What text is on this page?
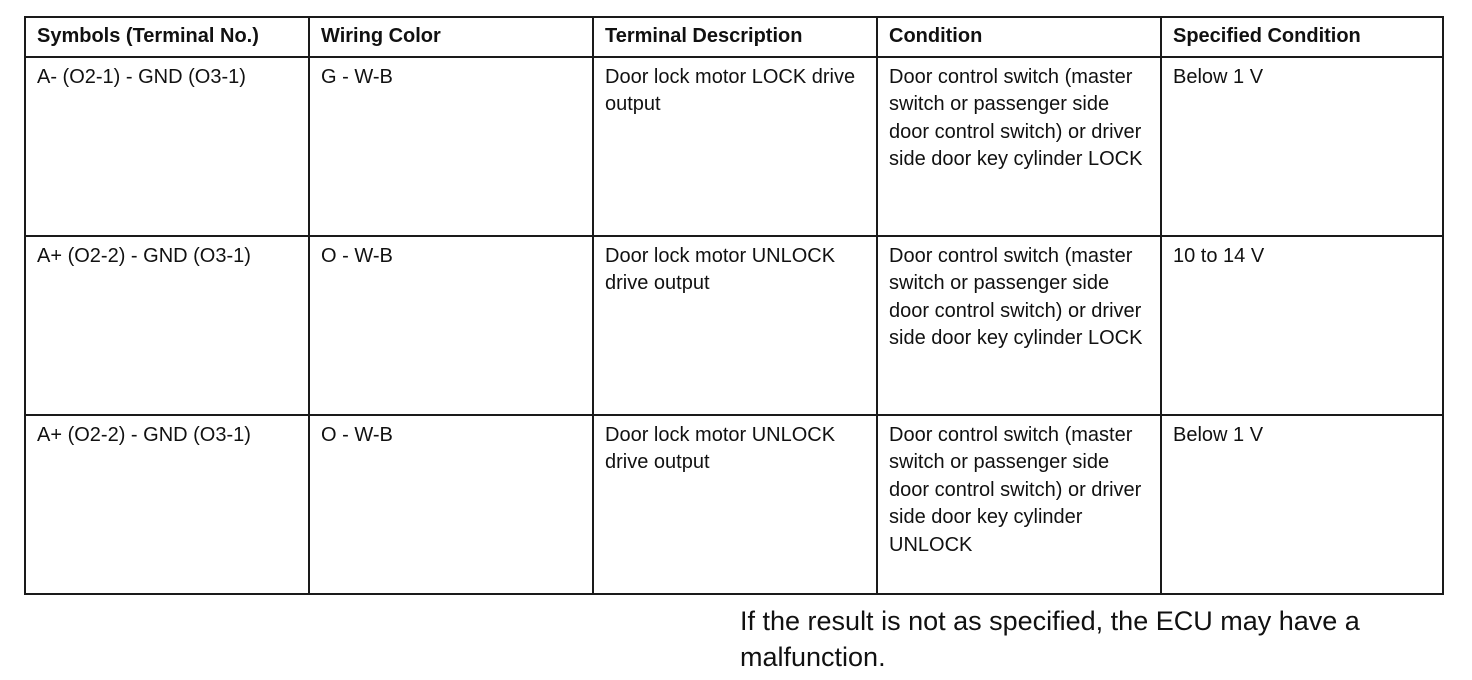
Symbols (Terminal No.)	Wiring Color	Terminal Description	Condition	Specified Condition
A- (O2-1) - GND (O3-1)	G - W-B	Door lock motor LOCK drive output	Door control switch (master switch or passenger side door control switch) or driver side door key cylinder LOCK	Below 1 V
A+ (O2-2) - GND (O3-1)	O - W-B	Door lock motor UNLOCK drive output	Door control switch (master switch or passenger side door control switch) or driver side door key cylinder LOCK	10 to 14 V
A+ (O2-2) - GND (O3-1)	O - W-B	Door lock motor UNLOCK drive output	Door control switch (master switch or passenger side door control switch) or driver side door key cylinder UNLOCK	Below 1 V
If the result is not as specified, the ECU may have a malfunction.
